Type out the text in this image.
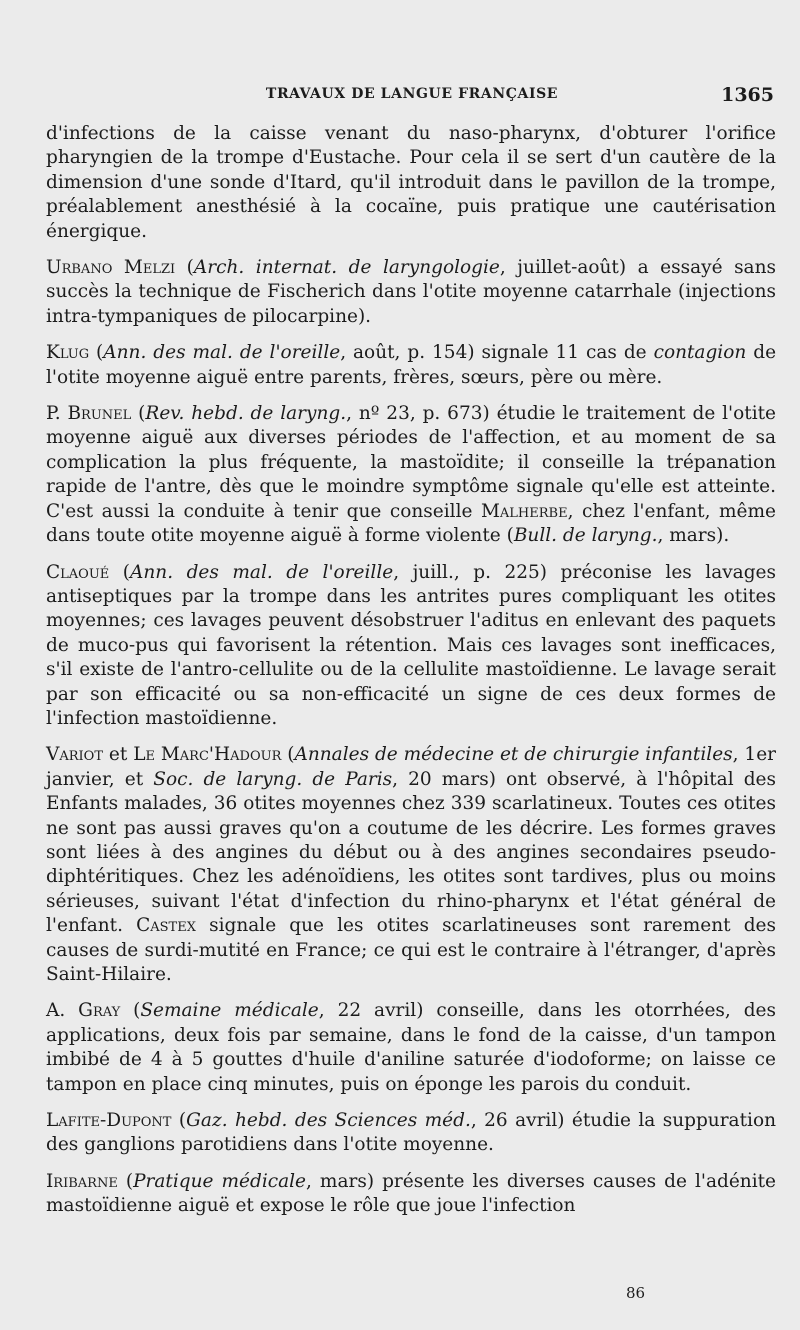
TRAVAUX DE LANGUE FRANÇAISE	1365

d'infections de la caisse venant du naso-pharynx, d'obturer l'orifice pharyngien de la trompe d'Eustache. Pour cela il se sert d'un cautère de la dimension d'une sonde d'Itard, qu'il introduit dans le pavillon de la trompe, préalablement anesthésié à la cocaïne, puis pratique une cautérisation énergique.

Urbano Melzi (Arch. internat. de laryngologie, juillet-août) a essayé sans succès la technique de Fischerich dans l'otite moyenne catarrhale (injections intra-tympaniques de pilocarpine).

Klug (Ann. des mal. de l'oreille, août, p. 154) signale 11 cas de contagion de l'otite moyenne aiguë entre parents, frères, sœurs, père ou mère.

P. Brunel (Rev. hebd. de laryng., nº 23, p. 673) étudie le traitement de l'otite moyenne aiguë aux diverses périodes de l'affection, et au moment de sa complication la plus fréquente, la mastoïdite; il conseille la trépanation rapide de l'antre, dès que le moindre symptôme signale qu'elle est atteinte. C'est aussi la conduite à tenir que conseille Malherbe, chez l'enfant, même dans toute otite moyenne aiguë à forme violente (Bull. de laryng., mars).

Claoué (Ann. des mal. de l'oreille, juill., p. 225) préconise les lavages antiseptiques par la trompe dans les antrites pures compliquant les otites moyennes; ces lavages peuvent désobstruer l'aditus en enlevant des paquets de muco-pus qui favorisent la rétention. Mais ces lavages sont inefficaces, s'il existe de l'antro-cellulite ou de la cellulite mastoïdienne. Le lavage serait par son efficacité ou sa non-efficacité un signe de ces deux formes de l'infection mastoïdienne.

Variot et Le Marc'Hadour (Annales de médecine et de chirurgie infantiles, 1er janvier, et Soc. de laryng. de Paris, 20 mars) ont observé, à l'hôpital des Enfants malades, 36 otites moyennes chez 339 scarlatineux. Toutes ces otites ne sont pas aussi graves qu'on a coutume de les décrire. Les formes graves sont liées à des angines du début ou à des angines secondaires pseudo-diphtéritiques. Chez les adénoïdiens, les otites sont tardives, plus ou moins sérieuses, suivant l'état d'infection du rhino-pharynx et l'état général de l'enfant. Castex signale que les otites scarlatineuses sont rarement des causes de surdi-mutité en France; ce qui est le contraire à l'étranger, d'après Saint-Hilaire.

A. Gray (Semaine médicale, 22 avril) conseille, dans les otorrhées, des applications, deux fois par semaine, dans le fond de la caisse, d'un tampon imbibé de 4 à 5 gouttes d'huile d'aniline saturée d'iodoforme; on laisse ce tampon en place cinq minutes, puis on éponge les parois du conduit.

Lafite-Dupont (Gaz. hebd. des Sciences méd., 26 avril) étudie la suppuration des ganglions parotidiens dans l'otite moyenne.

Iribarne (Pratique médicale, mars) présente les diverses causes de l'adénite mastoïdienne aiguë et expose le rôle que joue l'infection

86
